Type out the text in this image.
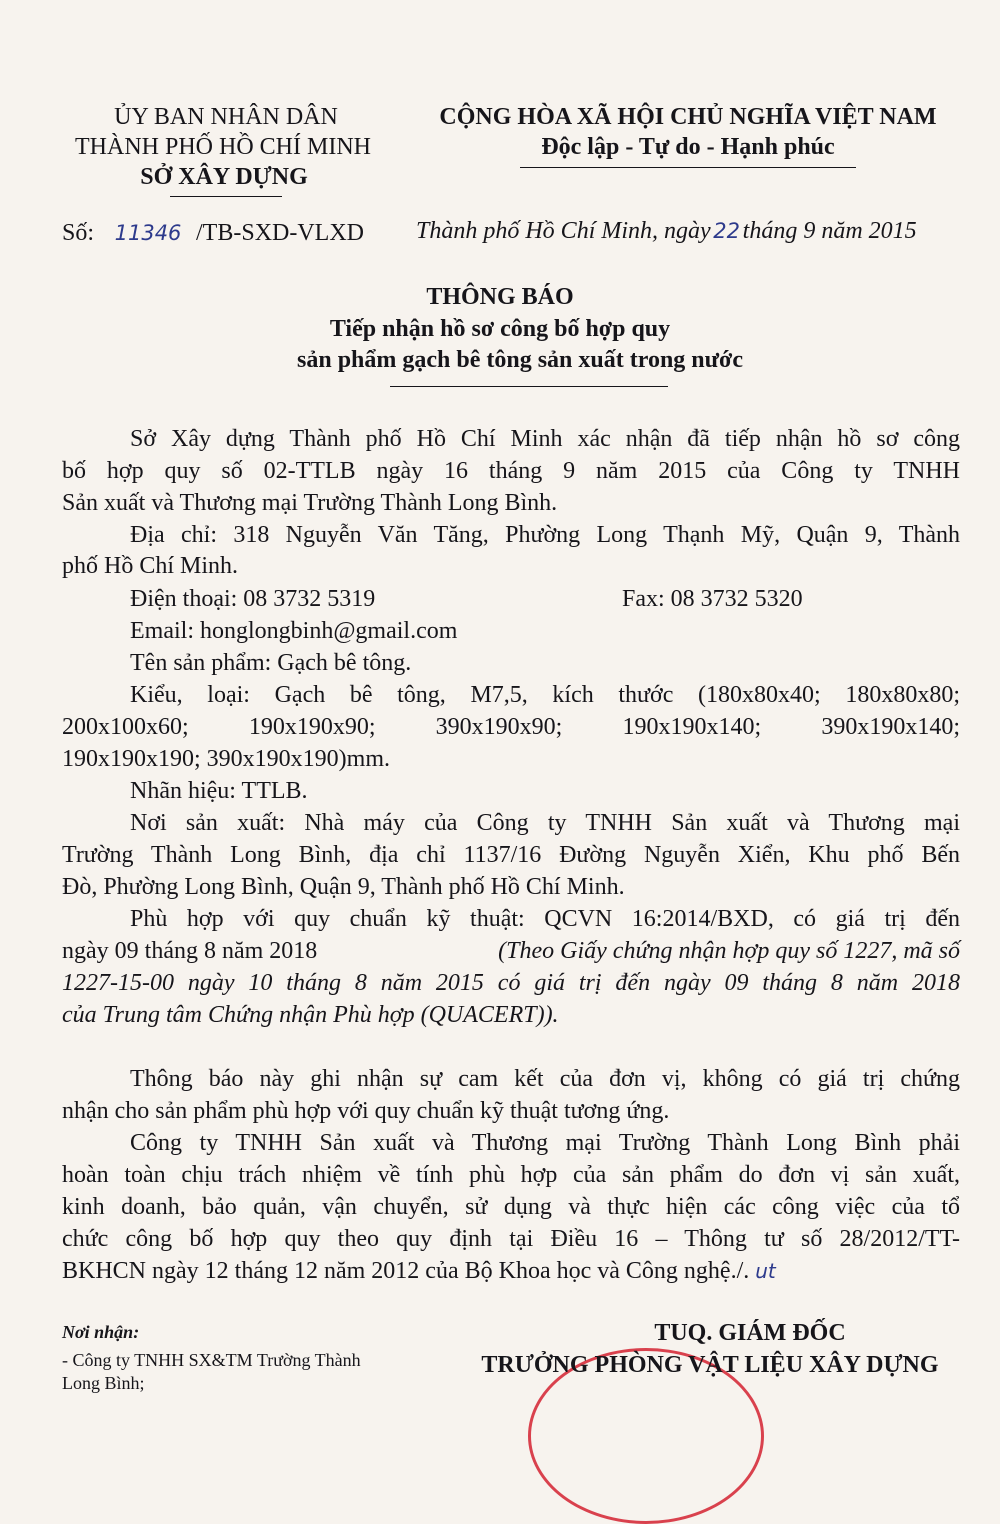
ỦY BAN NHÂN DÂN
THÀNH PHỐ HỒ CHÍ MINH
SỞ XÂY DỰNG
Số: 11346 /TB-SXD-VLXD
CỘNG HÒA XÃ HỘI CHỦ NGHĨA VIỆT NAM
Độc lập - Tự do - Hạnh phúc
Thành phố Hồ Chí Minh, ngày 22 tháng 9 năm 2015
THÔNG BÁO
Tiếp nhận hồ sơ công bố hợp quy
sản phẩm gạch bê tông sản xuất trong nước
Sở Xây dựng Thành phố Hồ Chí Minh xác nhận đã tiếp nhận hồ sơ công
bố hợp quy số 02-TTLB ngày 16 tháng 9 năm 2015 của Công ty TNHH
Sản xuất và Thương mại Trường Thành Long Bình.
Địa chỉ: 318 Nguyễn Văn Tăng, Phường Long Thạnh Mỹ, Quận 9, Thành
phố Hồ Chí Minh.
Điện thoại: 08 3732 5319	Fax: 08 3732 5320
Email: honglongbinh@gmail.com
Tên sản phẩm: Gạch bê tông.
Kiểu, loại: Gạch bê tông, M7,5, kích thước (180x80x40; 180x80x80;
200x100x60; 190x190x90; 390x190x90; 190x190x140; 390x190x140;
190x190x190; 390x190x190)mm.
Nhãn hiệu: TTLB.
Nơi sản xuất: Nhà máy của Công ty TNHH Sản xuất và Thương mại
Trường Thành Long Bình, địa chỉ 1137/16 Đường Nguyễn Xiển, Khu phố Bến
Đò, Phường Long Bình, Quận 9, Thành phố Hồ Chí Minh.
Phù hợp với quy chuẩn kỹ thuật: QCVN 16:2014/BXD, có giá trị đến
ngày 09 tháng 8 năm 2018	(Theo Giấy chứng nhận hợp quy số 1227, mã số
1227-15-00 ngày 10 tháng 8 năm 2015 có giá trị đến ngày 09 tháng 8 năm 2018
của Trung tâm Chứng nhận Phù hợp (QUACERT)).
Thông báo này ghi nhận sự cam kết của đơn vị, không có giá trị chứng
nhận cho sản phẩm phù hợp với quy chuẩn kỹ thuật tương ứng.
Công ty TNHH Sản xuất và Thương mại Trường Thành Long Bình phải
hoàn toàn chịu trách nhiệm về tính phù hợp của sản phẩm do đơn vị sản xuất,
kinh doanh, bảo quản, vận chuyển, sử dụng và thực hiện các công việc của tổ
chức công bố hợp quy theo quy định tại Điều 16 – Thông tư số 28/2012/TT-
BKHCN ngày 12 tháng 12 năm 2012 của Bộ Khoa học và Công nghệ./. ut
Nơi nhận:
- Công ty TNHH SX&TM Trường Thành
Long Bình;
TUQ. GIÁM ĐỐC
TRƯỞNG PHÒNG VẬT LIỆU XÂY DỰNG
